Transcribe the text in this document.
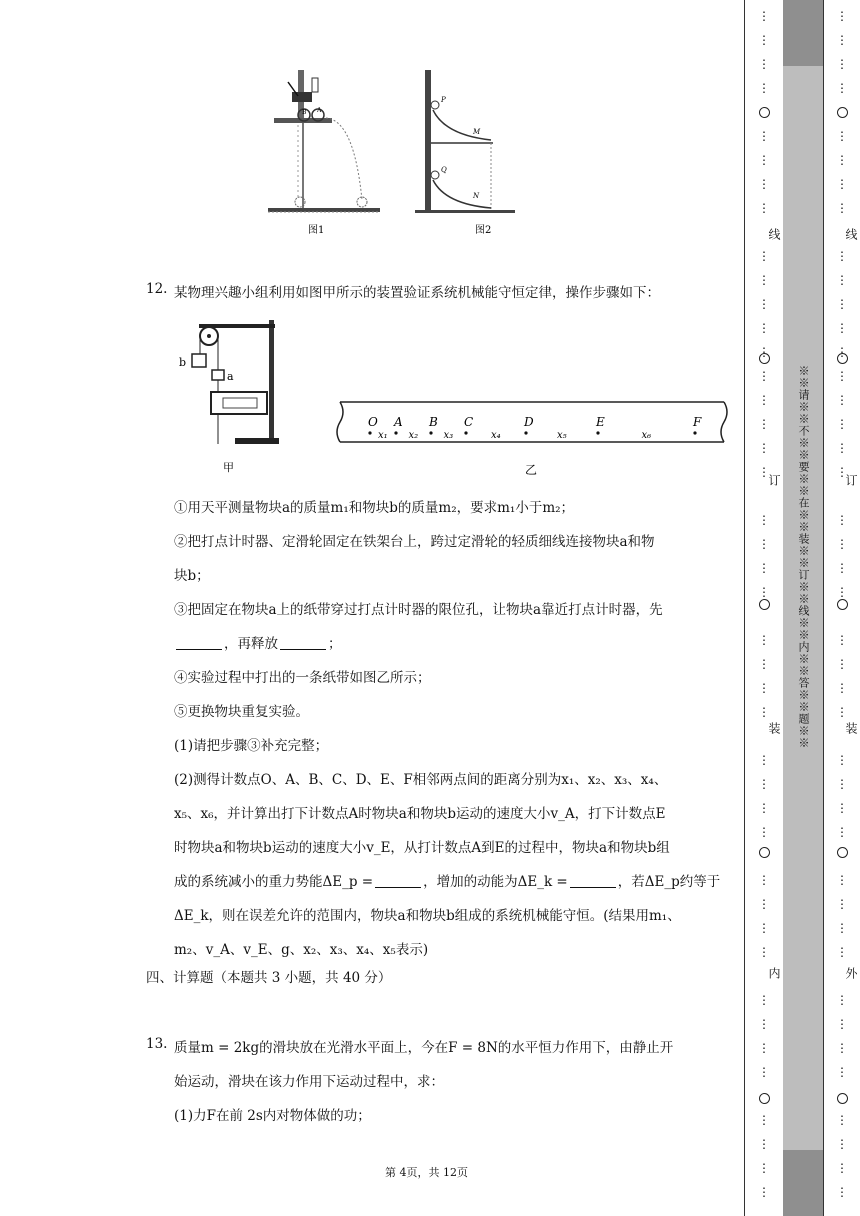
B A
图1
P
M
Q
N
图2
12. 某物理兴趣小组利用如图甲所示的装置验证系统机械能守恒定律，操作步骤如下：
b
a
甲
O A B C	D	E	F
x₁ x₂	x₃	x₄	x₅	x₆
乙
①用天平测量物块a的质量m₁和物块b的质量m₂，要求m₁小于m₂；
②把打点计时器、定滑轮固定在铁架台上，跨过定滑轮的轻质细线连接物块a和物
块b；
③把固定在物块a上的纸带穿过打点计时器的限位孔，让物块a靠近打点计时器，先
，再释放	；
④实验过程中打出的一条纸带如图乙所示；
⑤更换物块重复实验。
(1)请把步骤③补充完整；
(2)测得计数点O、A、B、C、D、E、F相邻两点间的距离分别为x₁、x₂、x₃、x₄、
x₅、x₆，并计算出打下计数点A时物块a和物块b运动的速度大小v_A，打下计数点E
时物块a和物块b运动的速度大小v_E，从打计数点A到E的过程中，物块a和物块b组
成的系统减小的重力势能ΔE_p =	，增加的动能为ΔE_k =	，若ΔE_p约等于
ΔE_k，则在误差允许的范围内，物块a和物块b组成的系统机械能守恒。(结果用m₁、
m₂、v_A、v_E、g、x₂、x₃、x₄、x₅表示)
四、计算题（本题共 3 小题，共 40 分）
13. 质量m = 2kg的滑块放在光滑水平面上，今在F = 8N的水平恒力作用下，由静止开
始运动，滑块在该力作用下运动过程中，求：
(1)力F在前 2s内对物体做的功；
第 4页，共 12页
⋮
⋮
⋮
⋮
⋮
⋮
⋮
⋮
⋮
⋮
⋮
⋮
⋮
⋮
⋮
⋮
⋮
⋮
⋮
⋮
⋮
⋮
⋮
⋮
⋮
⋮
⋮
⋮
⋮
⋮
⋮
⋮
⋮
⋮
⋮
⋮
⋮
⋮
⋮
⋮
⋮
⋮
线
订
装
内
※※请※※不※※要※※在※※装※※订※※线※※内※※答※※题※※
⋮
⋮
⋮
⋮
⋮
⋮
⋮
⋮
⋮
⋮
⋮
⋮
⋮
⋮
⋮
⋮
⋮
⋮
⋮
⋮
⋮
⋮
⋮
⋮
⋮
⋮
⋮
⋮
⋮
⋮
⋮
⋮
⋮
⋮
⋮
⋮
⋮
⋮
⋮
⋮
⋮
⋮
线
订
装
外
